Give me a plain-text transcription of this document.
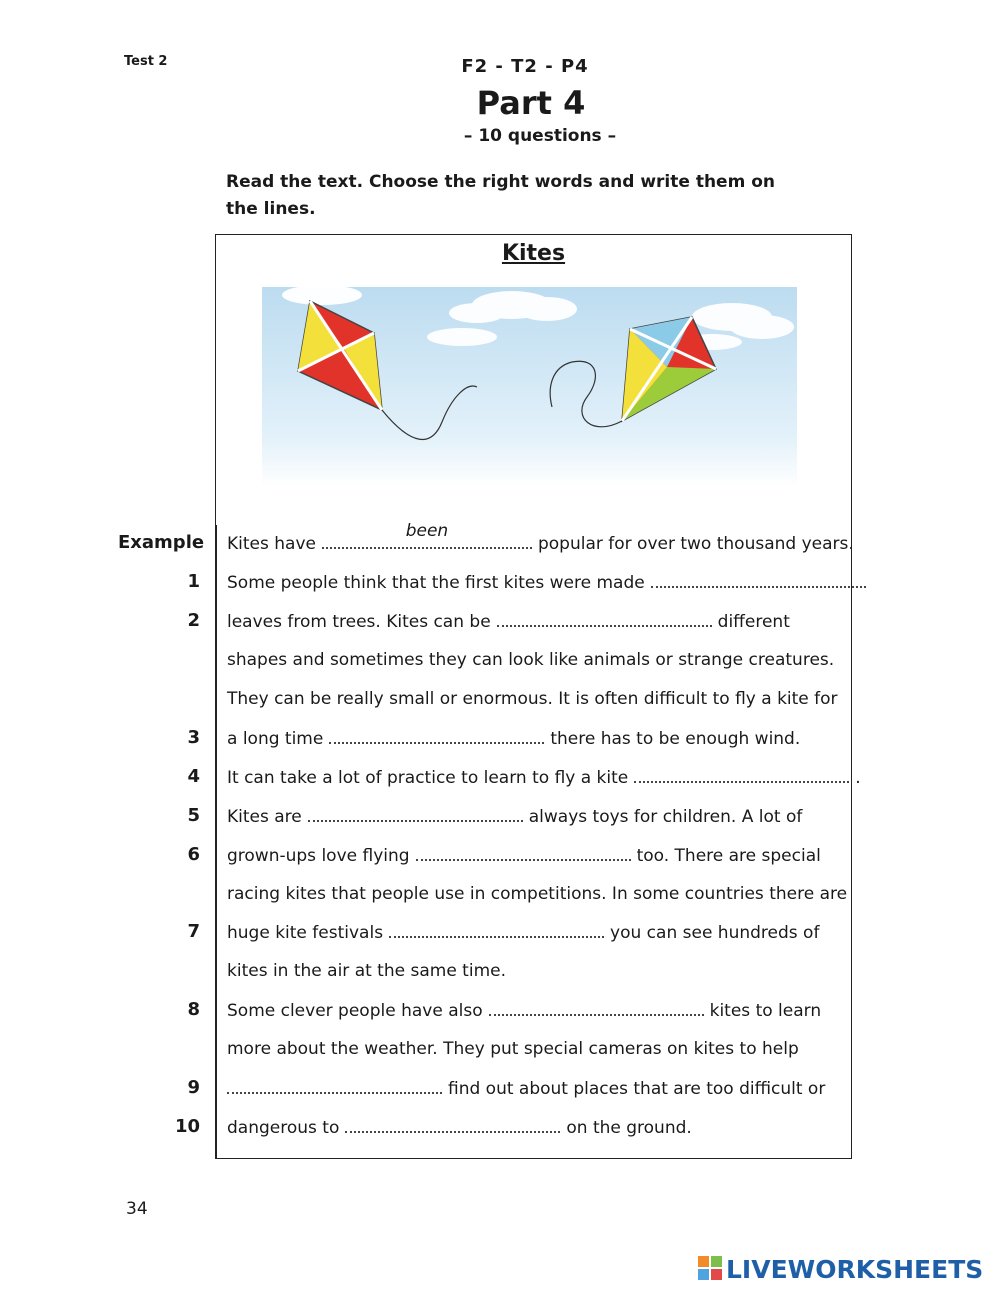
Test 2	F2 - T2 - P4
Part 4
– 10 questions –
Read the text. Choose the right words and write them on the lines.
Kites
Example Kites have
been
popular for over two thousand years.
1 Some people think that the first kites were made
2 leaves from trees. Kites can be	different
shapes and sometimes they can look like animals or strange creatures.
They can be really small or enormous. It is often difficult to fly a kite for
3 a long time	there has to be enough wind.
4 It can take a lot of practice to learn to fly a kite	.
5 Kites are	always toys for children. A lot of
6 grown-ups love flying	too. There are special
racing kites that people use in competitions. In some countries there are
7 huge kite festivals	you can see hundreds of
kites in the air at the same time.
8 Some clever people have also	kites to learn
more about the weather. They put special cameras on kites to help
9	find out about places that are too difficult or
10 dangerous to	on the ground.
34
LIVEWORKSHEETS
